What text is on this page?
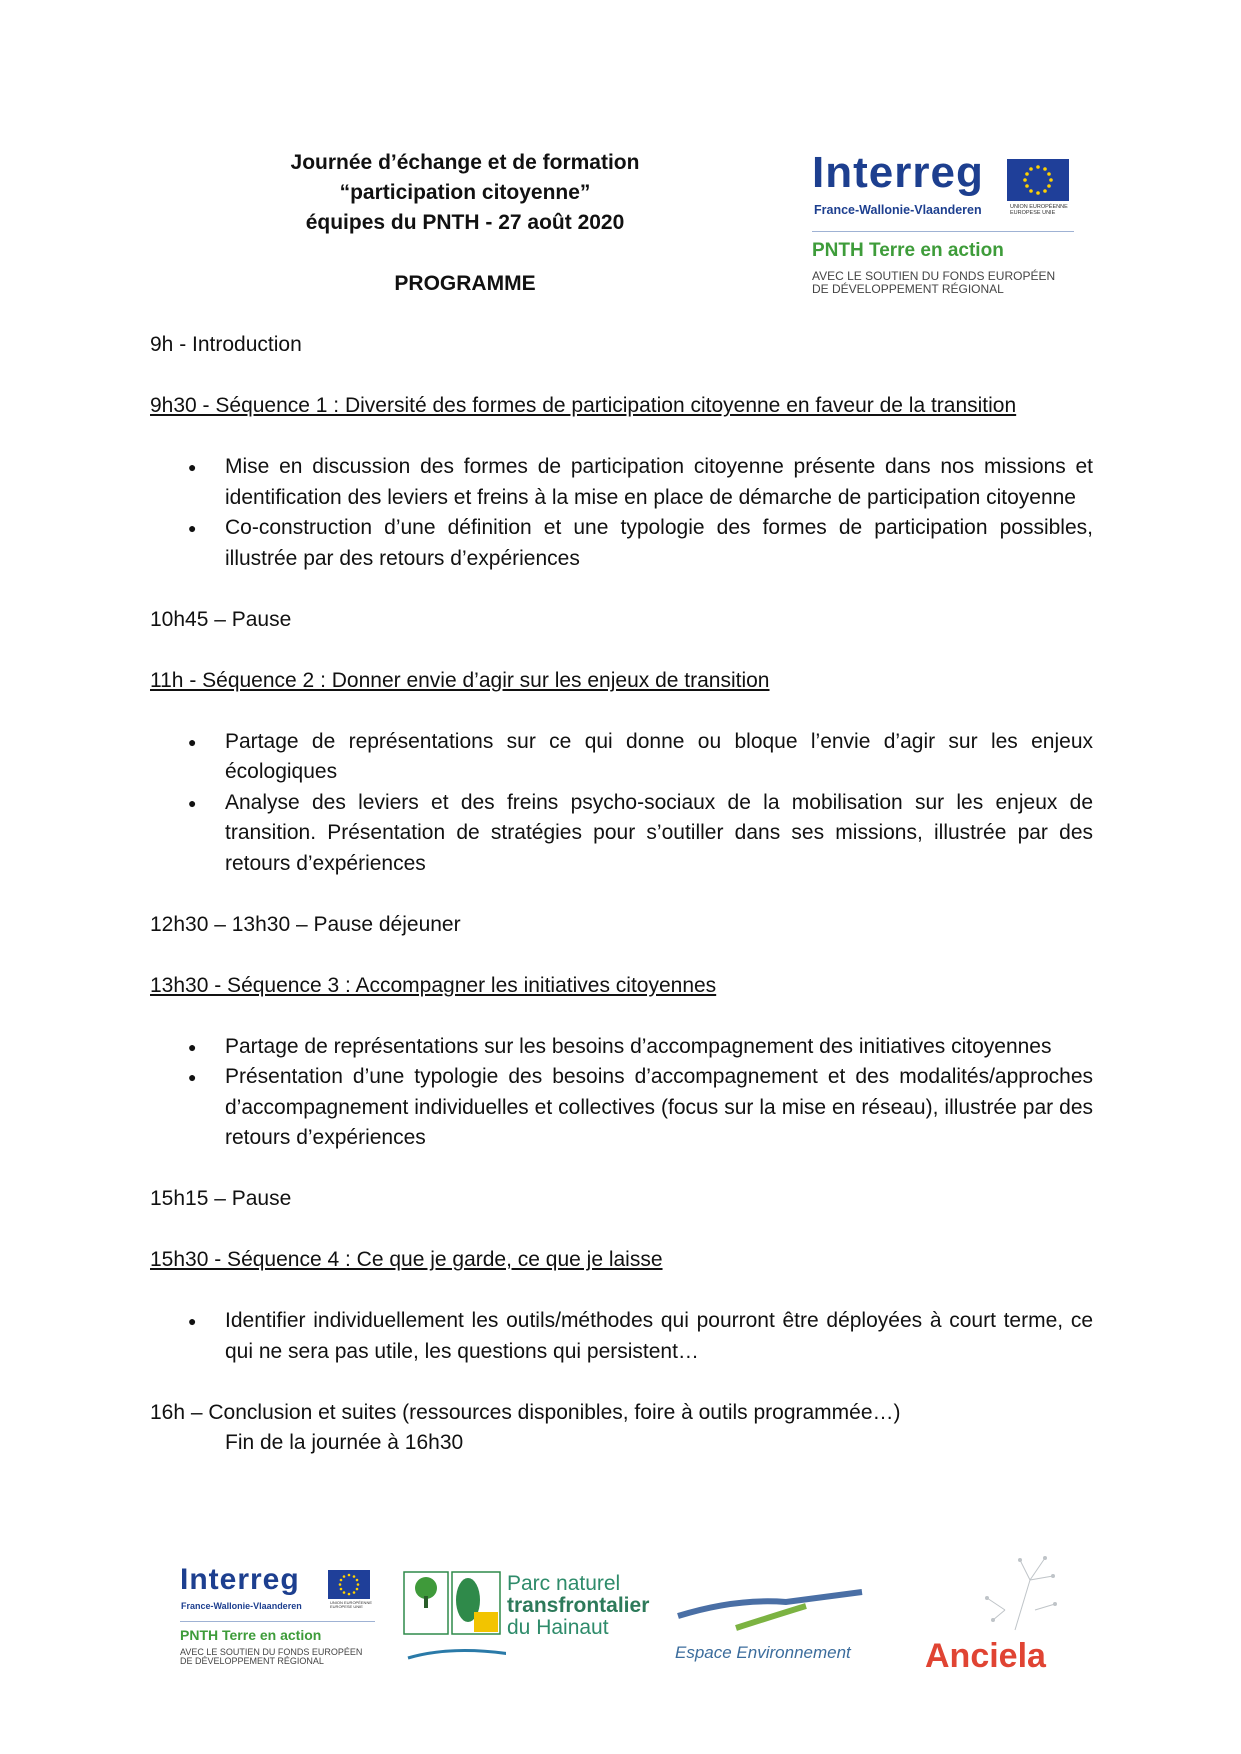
Journée d’échange et de formation
“participation citoyenne”
équipes du PNTH - 27 août 2020
PROGRAMME
Interreg
France-Wallonie-Vlaanderen	UNION EUROPÉENNE
EUROPESE UNIE
PNTH Terre en action
AVEC LE SOUTIEN DU FONDS EUROPÉEN
DE DÉVELOPPEMENT RÉGIONAL

9h - Introduction

9h30 - Séquence 1 : Diversité des formes de participation citoyenne en faveur de la transition

● Mise en discussion des formes de participation citoyenne présente dans nos missions et identification des leviers et freins à la mise en place de démarche de participation citoyenne
● Co-construction d’une définition et une typologie des formes de participation possibles, illustrée par des retours d’expériences

10h45 – Pause

11h - Séquence 2 : Donner envie d’agir sur les enjeux de transition

● Partage de représentations sur ce qui donne ou bloque l’envie d’agir sur les enjeux écologiques
● Analyse des leviers et des freins psycho-sociaux de la mobilisation sur les enjeux de transition. Présentation de stratégies pour s’outiller dans ses missions, illustrée par des retours d’expériences

12h30 – 13h30 – Pause déjeuner

13h30 - Séquence 3 : Accompagner les initiatives citoyennes

● Partage de représentations sur les besoins d’accompagnement des initiatives citoyennes
● Présentation d’une typologie des besoins d’accompagnement et des modalités/approches d’accompagnement individuelles et collectives (focus sur la mise en réseau), illustrée par des retours d’expériences

15h15 – Pause

15h30 - Séquence 4 : Ce que je garde, ce que je laisse

● Identifier individuellement les outils/méthodes qui pourront être déployées à court terme, ce qui ne sera pas utile, les questions qui persistent…

16h – Conclusion et suites (ressources disponibles, foire à outils programmée…)

Fin de la journée à 16h30

Interreg
France-Wallonie-Vlaanderen	UNION EUROPÉENNE
EUROPESE UNIE
PNTH Terre en action
AVEC LE SOUTIEN DU FONDS EUROPÉEN
DE DÉVELOPPEMENT RÉGIONAL
Parc naturel
transfrontalier
du Hainaut
Espace Environnement Anciela
